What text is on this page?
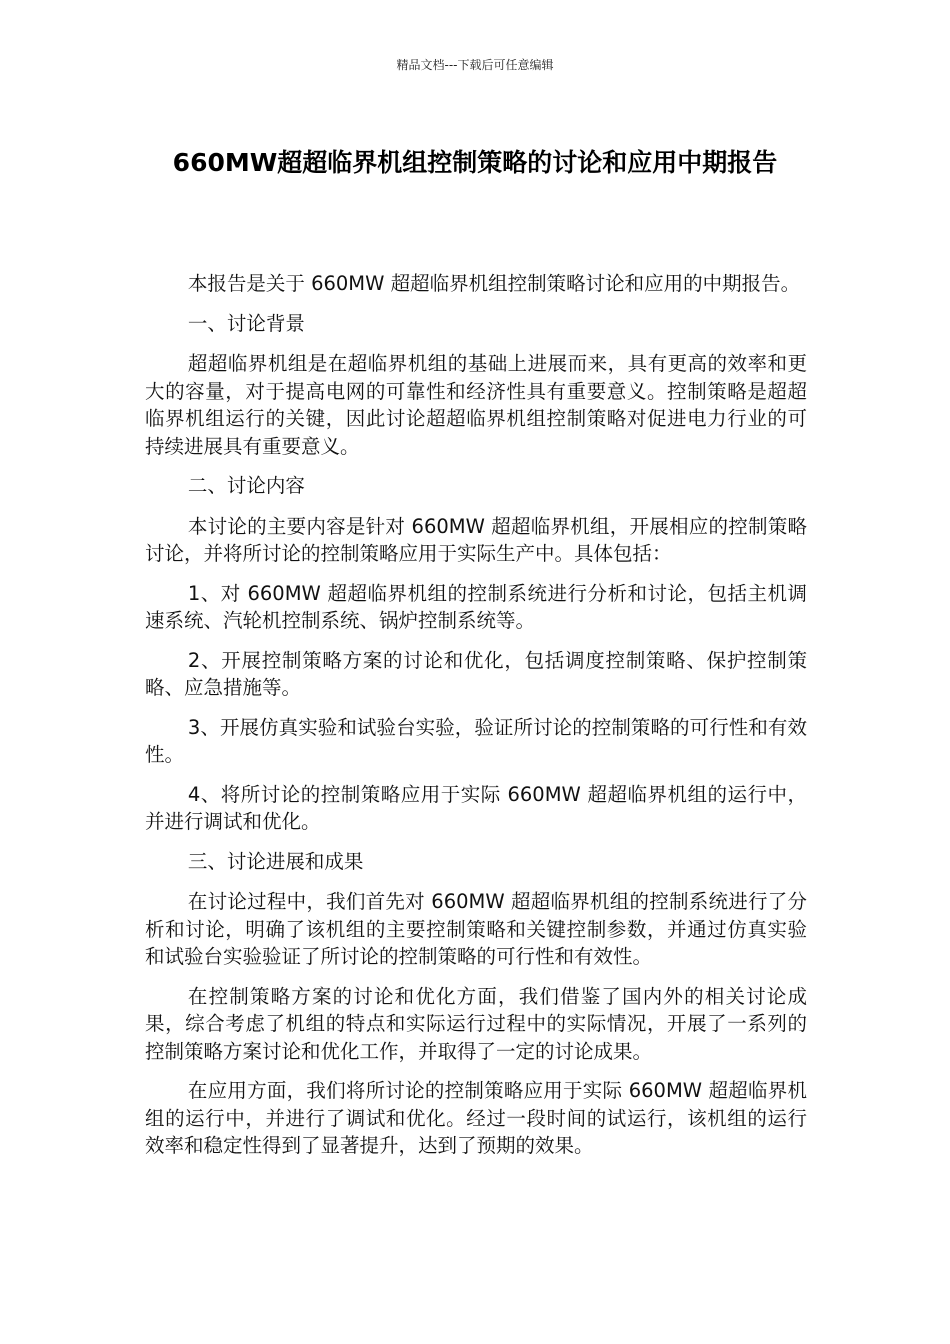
精品文档---下载后可任意编辑
660MW超超临界机组控制策略的讨论和应用中期报告

本报告是关于 660MW 超超临界机组控制策略讨论和应用的中期报告。

一、讨论背景

超超临界机组是在超临界机组的基础上进展而来，具有更高的效率和更大的容量，对于提高电网的可靠性和经济性具有重要意义。控制策略是超超临界机组运行的关键，因此讨论超超临界机组控制策略对促进电力行业的可持续进展具有重要意义。

二、讨论内容

本讨论的主要内容是针对 660MW 超超临界机组，开展相应的控制策略讨论，并将所讨论的控制策略应用于实际生产中。具体包括：

1、对 660MW 超超临界机组的控制系统进行分析和讨论，包括主机调速系统、汽轮机控制系统、锅炉控制系统等。

2、开展控制策略方案的讨论和优化，包括调度控制策略、保护控制策略、应急措施等。

3、开展仿真实验和试验台实验，验证所讨论的控制策略的可行性和有效性。

4、将所讨论的控制策略应用于实际 660MW 超超临界机组的运行中，并进行调试和优化。

三、讨论进展和成果

在讨论过程中，我们首先对 660MW 超超临界机组的控制系统进行了分析和讨论，明确了该机组的主要控制策略和关键控制参数，并通过仿真实验和试验台实验验证了所讨论的控制策略的可行性和有效性。

在控制策略方案的讨论和优化方面，我们借鉴了国内外的相关讨论成果，综合考虑了机组的特点和实际运行过程中的实际情况，开展了一系列的控制策略方案讨论和优化工作，并取得了一定的讨论成果。

在应用方面，我们将所讨论的控制策略应用于实际 660MW 超超临界机组的运行中，并进行了调试和优化。经过一段时间的试运行，该机组的运行效率和稳定性得到了显著提升，达到了预期的效果。
